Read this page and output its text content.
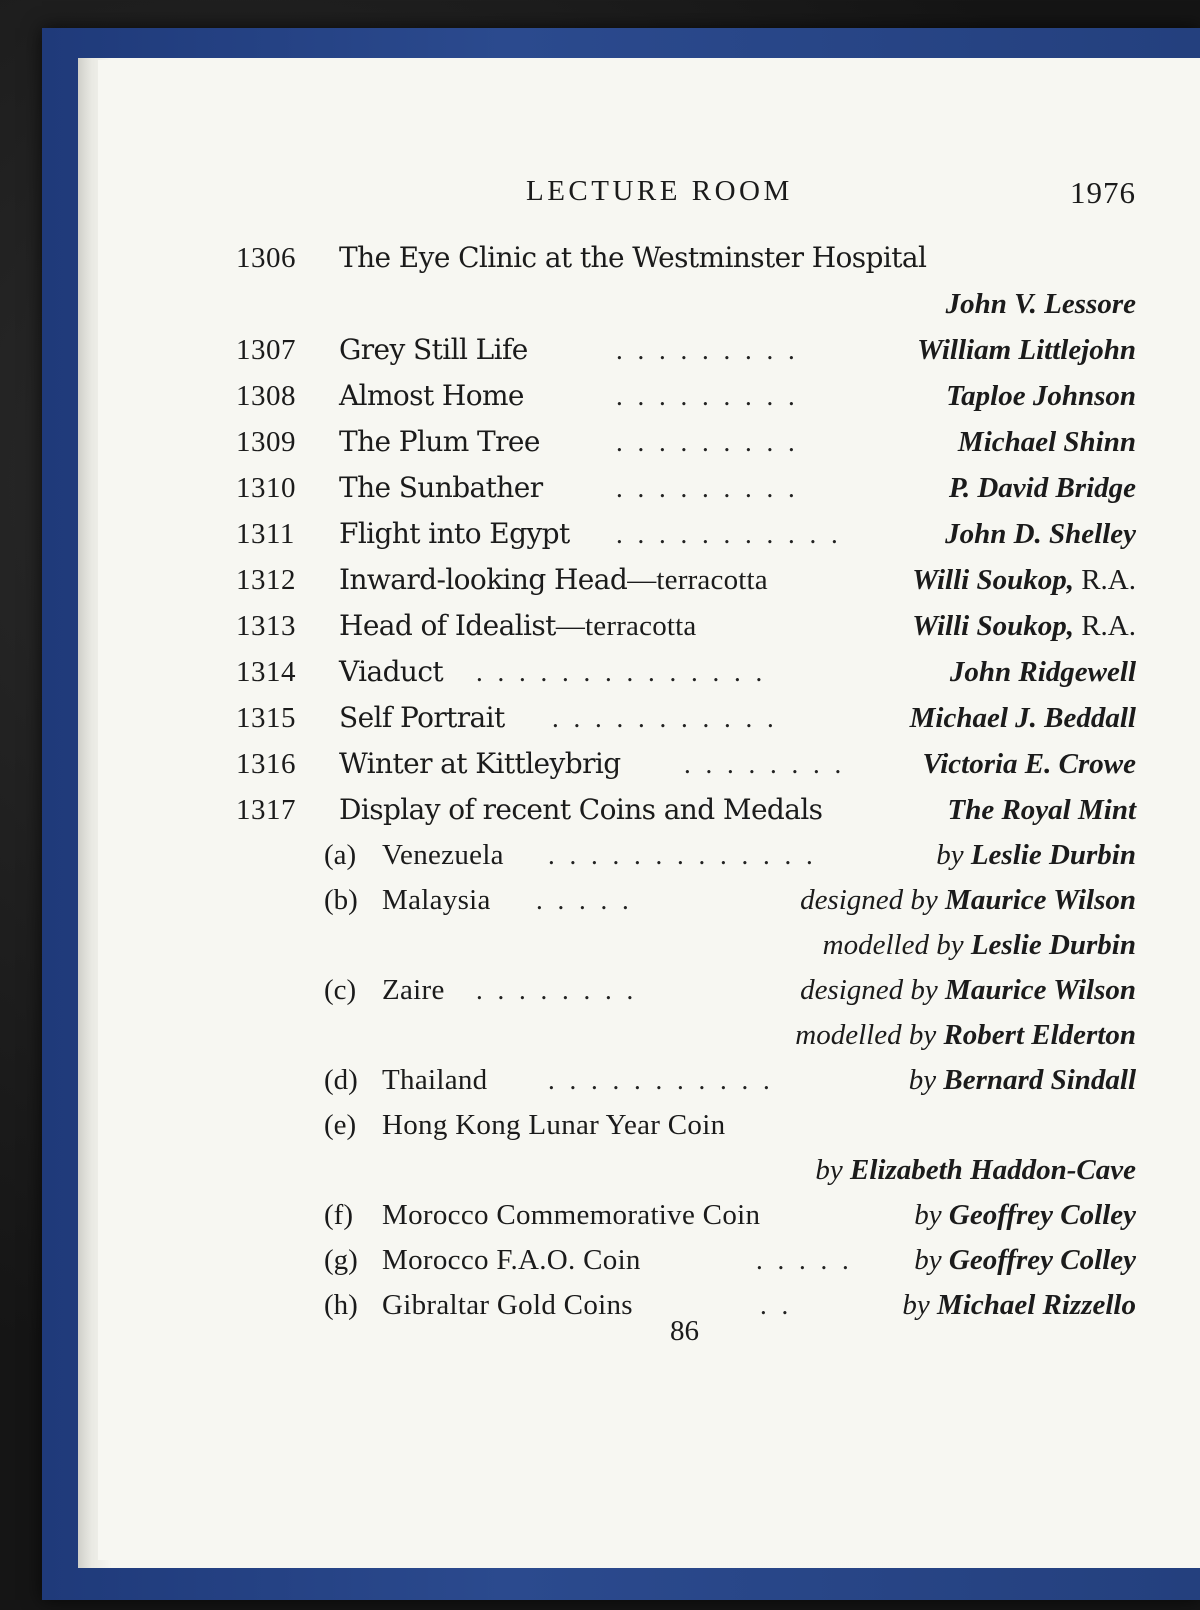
LECTURE ROOM	1976
1306 The Eye Clinic at the Westminster Hospital
John V. Lessore
1307 Grey Still Life	. . . . . . . . .	William Littlejohn
1308 Almost Home	. . . . . . . . .	Taploe Johnson
1309 The Plum Tree	. . . . . . . . .	Michael Shinn
1310 The Sunbather	. . . . . . . . .	P. David Bridge
1311 Flight into Egypt . . . . . . . . . . .	John D. Shelley
1312 Inward-looking Head—terracotta	Willi Soukop, R.A.
1313 Head of Idealist—terracotta	Willi Soukop, R.A.
1314 Viaduct . . . . . . . . . . . . . .	John Ridgewell
1315 Self Portrait . . . . . . . . . . .	Michael J. Beddall
1316 Winter at Kittleybrig . . . . . . . .	Victoria E. Crowe
1317 Display of recent Coins and Medals	The Royal Mint
(a) Venezuela . . . . . . . . . . . . .	by Leslie Durbin
(b) Malaysia . . . . .	designed by Maurice Wilson
modelled by Leslie Durbin
(c) Zaire . . . . . . . .	designed by Maurice Wilson
modelled by Robert Elderton
(d) Thailand . . . . . . . . . . .	by Bernard Sindall
(e) Hong Kong Lunar Year Coin
by Elizabeth Haddon-Cave
(f) Morocco Commemorative Coin	by Geoffrey Colley
(g) Morocco F.A.O. Coin	. . . . . by Geoffrey Colley
(h) Gibraltar Gold Coins	. .	by Michael Rizzello
86
